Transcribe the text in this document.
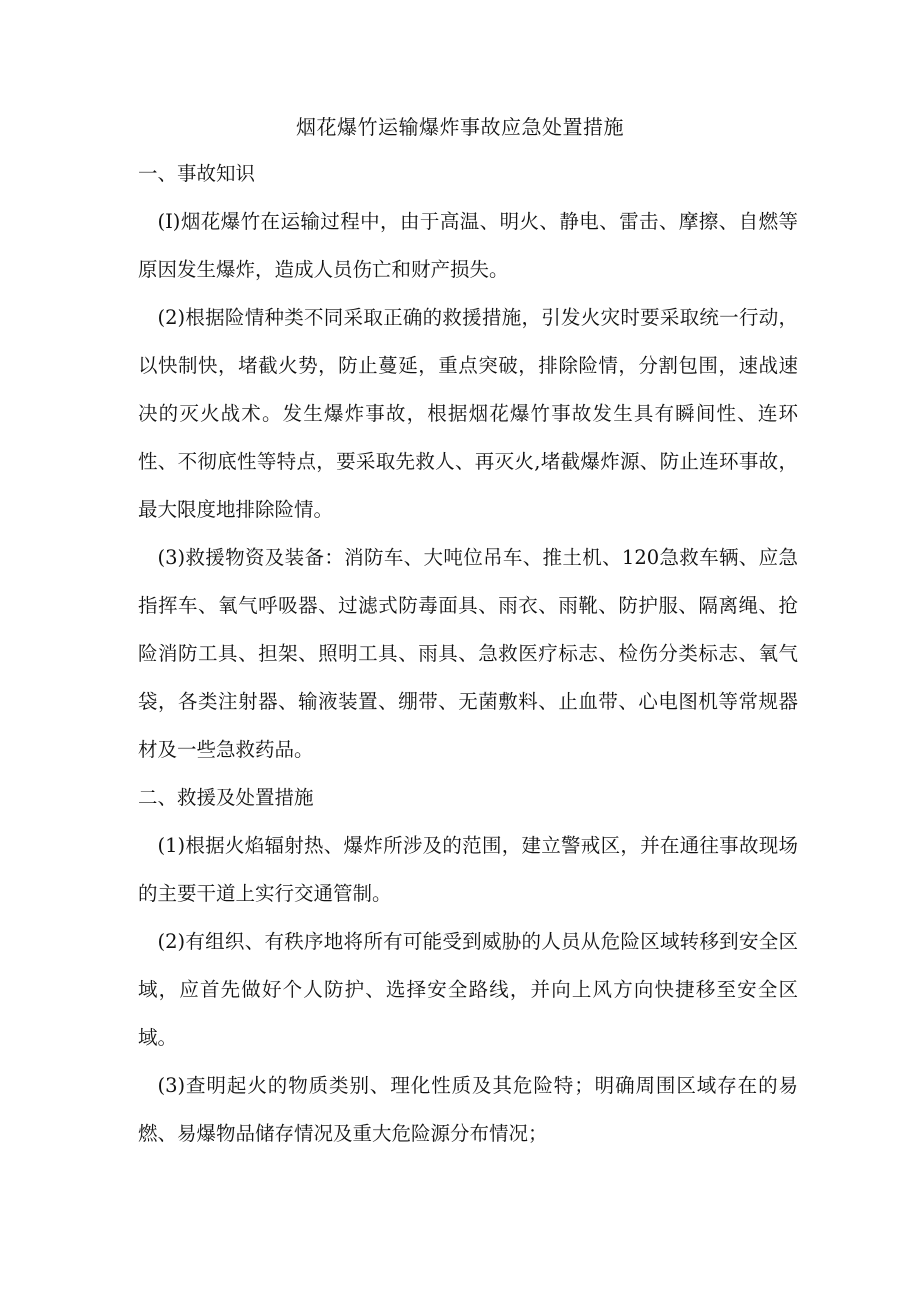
烟花爆竹运输爆炸事故应急处置措施

一、事故知识

(I)烟花爆竹在运输过程中，由于高温、明火、静电、雷击、摩擦、自燃等原因发生爆炸，造成人员伤亡和财产损失。

(2)根据险情种类不同采取正确的救援措施，引发火灾时要采取统一行动，以快制快，堵截火势，防止蔓延，重点突破，排除险情，分割包围，速战速决的灭火战术。发生爆炸事故，根据烟花爆竹事故发生具有瞬间性、连环性、不彻底性等特点，要采取先救人、再灭火,堵截爆炸源、防止连环事故，最大限度地排除险情。

(3)救援物资及装备：消防车、大吨位吊车、推土机、120急救车辆、应急指挥车、氧气呼吸器、过滤式防毒面具、雨衣、雨靴、防护服、隔离绳、抢险消防工具、担架、照明工具、雨具、急救医疗标志、检伤分类标志、氧气袋，各类注射器、输液装置、绷带、无菌敷料、止血带、心电图机等常规器材及一些急救药品。

二、救援及处置措施

(1)根据火焰辐射热、爆炸所涉及的范围，建立警戒区，并在通往事故现场的主要干道上实行交通管制。

(2)有组织、有秩序地将所有可能受到威胁的人员从危险区域转移到安全区域，应首先做好个人防护、选择安全路线，并向上风方向快捷移至安全区域。

(3)查明起火的物质类别、理化性质及其危险特；明确周围区域存在的易燃、易爆物品储存情况及重大危险源分布情况；
